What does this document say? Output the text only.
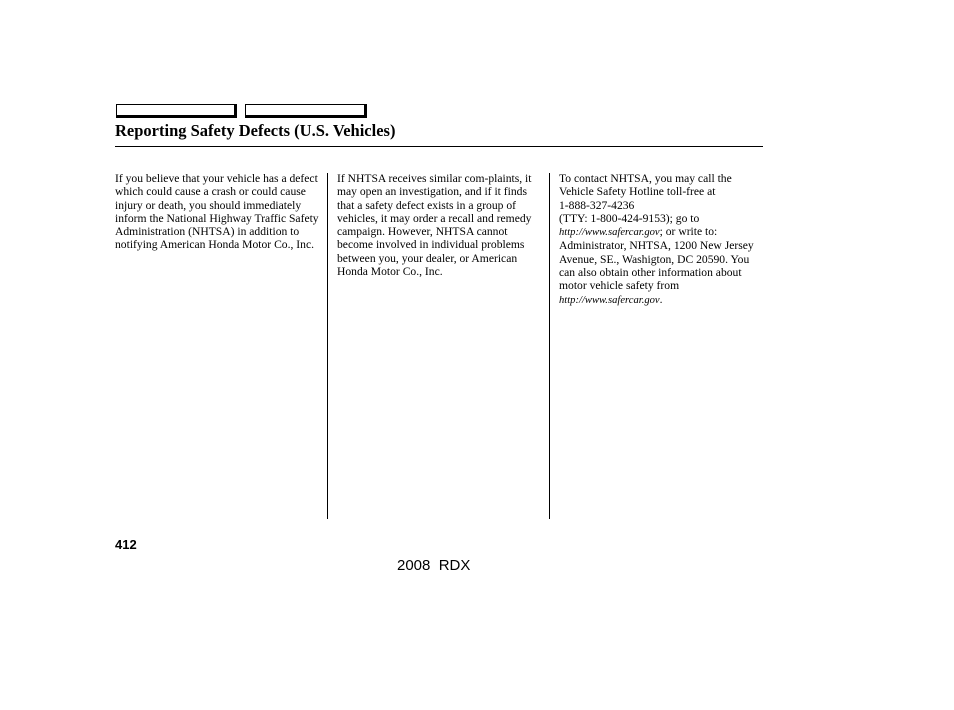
Reporting Safety Defects (U.S. Vehicles)

If you believe that your vehicle has a defect which could cause a crash or could cause injury or death, you should immediately inform the National Highway Traffic Safety Administration (NHTSA) in addition to notifying American Honda Motor Co., Inc.

If NHTSA receives similar com-plaints, it may open an investigation, and if it finds that a safety defect exists in a group of vehicles, it may order a recall and remedy campaign. However, NHTSA cannot become involved in individual problems between you, your dealer, or American Honda Motor Co., Inc.

To contact NHTSA, you may call the Vehicle Safety Hotline toll-free at
1-888-327-4236
(TTY: 1-800-424-9153); go to
http://www.safercar.gov; or write to: Administrator, NHTSA, 1200 New Jersey Avenue, SE., Washigton, DC 20590. You can also obtain other information about motor vehicle safety from
http://www.safercar.gov.

412
2008  RDX
